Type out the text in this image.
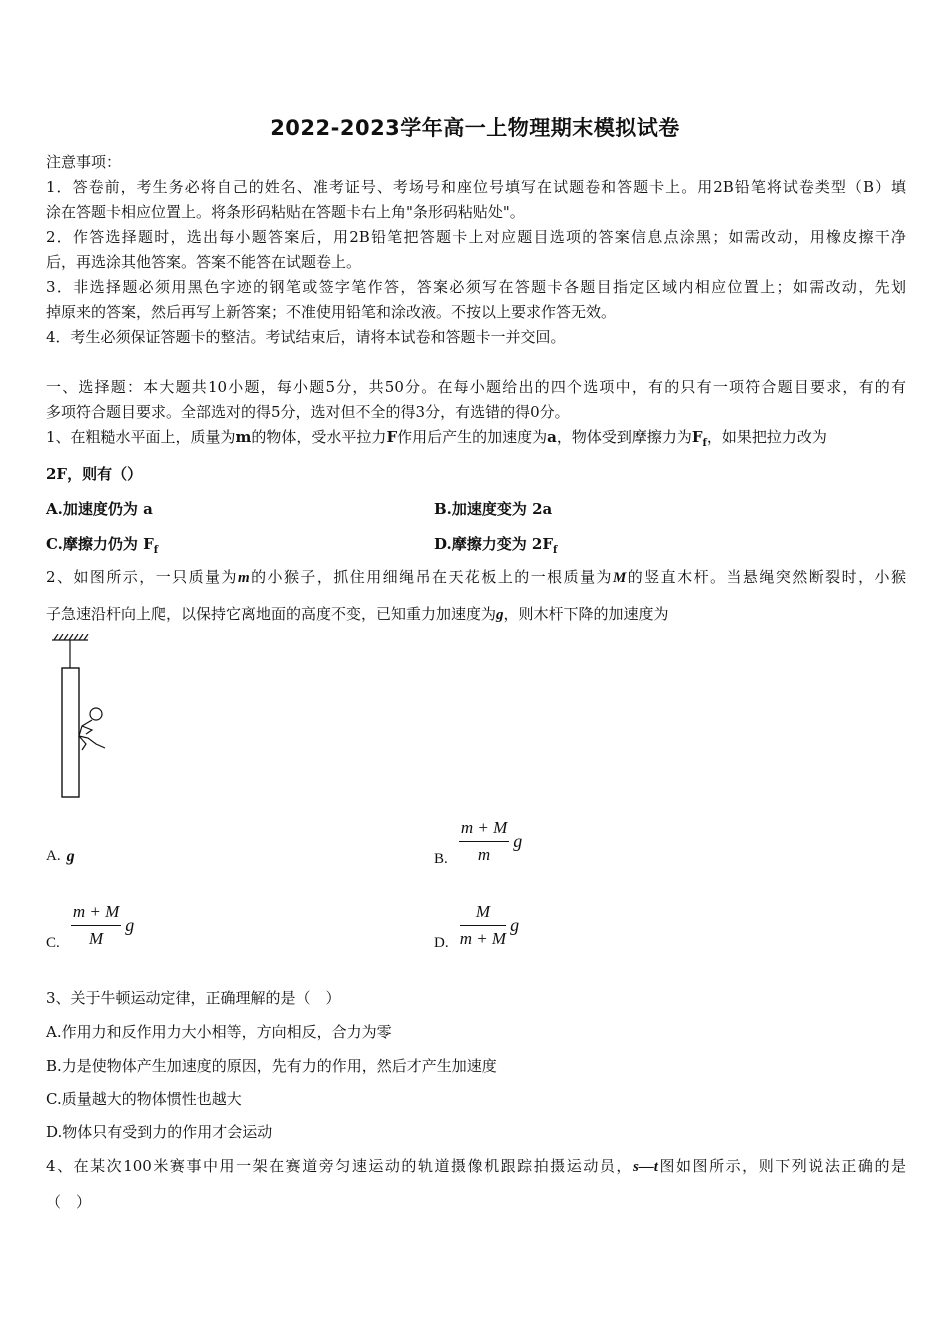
2022-2023学年高一上物理期末模拟试卷
注意事项：
1．答卷前，考生务必将自己的姓名、准考证号、考场号和座位号填写在试题卷和答题卡上。用2B铅笔将试卷类型（B）填
涂在答题卡相应位置上。将条形码粘贴在答题卡右上角"条形码粘贴处"。
2．作答选择题时，选出每小题答案后，用2B铅笔把答题卡上对应题目选项的答案信息点涂黑；如需改动，用橡皮擦干净
后，再选涂其他答案。答案不能答在试题卷上。
3．非选择题必须用黑色字迹的钢笔或签字笔作答，答案必须写在答题卡各题目指定区域内相应位置上；如需改动，先划
掉原来的答案，然后再写上新答案；不准使用铅笔和涂改液。不按以上要求作答无效。
4．考生必须保证答题卡的整洁。考试结束后，请将本试卷和答题卡一并交回。
一、选择题：本大题共10小题，每小题5分，共50分。在每小题给出的四个选项中，有的只有一项符合题目要求，有的有
多项符合题目要求。全部选对的得5分，选对但不全的得3分，有选错的得0分。
1、在粗糙水平面上，质量为m的物体，受水平拉力F作用后产生的加速度为a，物体受到摩擦力为$F_f$，如果把拉力改为
2F，则有（）
A.加速度仍为 a	B.加速度变为 2a
C.摩擦力仍为 $F_f$	D.摩擦力变为 $2F_f$
2、如图所示，一只质量为m的小猴子，抓住用细绳吊在天花板上的一根质量为M的竖直木杆。当悬绳突然断裂时，小猴
子急速沿杆向上爬，以保持它离地面的高度不变，已知重力加速度为g，则木杆下降的加速度为
A. g	B. $\frac{m + M}{m}$ g
C. $\frac{m + M}{M}$ g
D. $\frac{M}{m + M}$ g
3、关于牛顿运动定律，正确理解的是（　）
A.作用力和反作用力大小相等，方向相反，合力为零
B.力是使物体产生加速度的原因，先有力的作用，然后才产生加速度
C.质量越大的物体惯性也越大
D.物体只有受到力的作用才会运动
4、在某次100米赛事中用一架在赛道旁匀速运动的轨道摄像机跟踪拍摄运动员，s—t图如图所示，则下列说法正确的是
（　）
